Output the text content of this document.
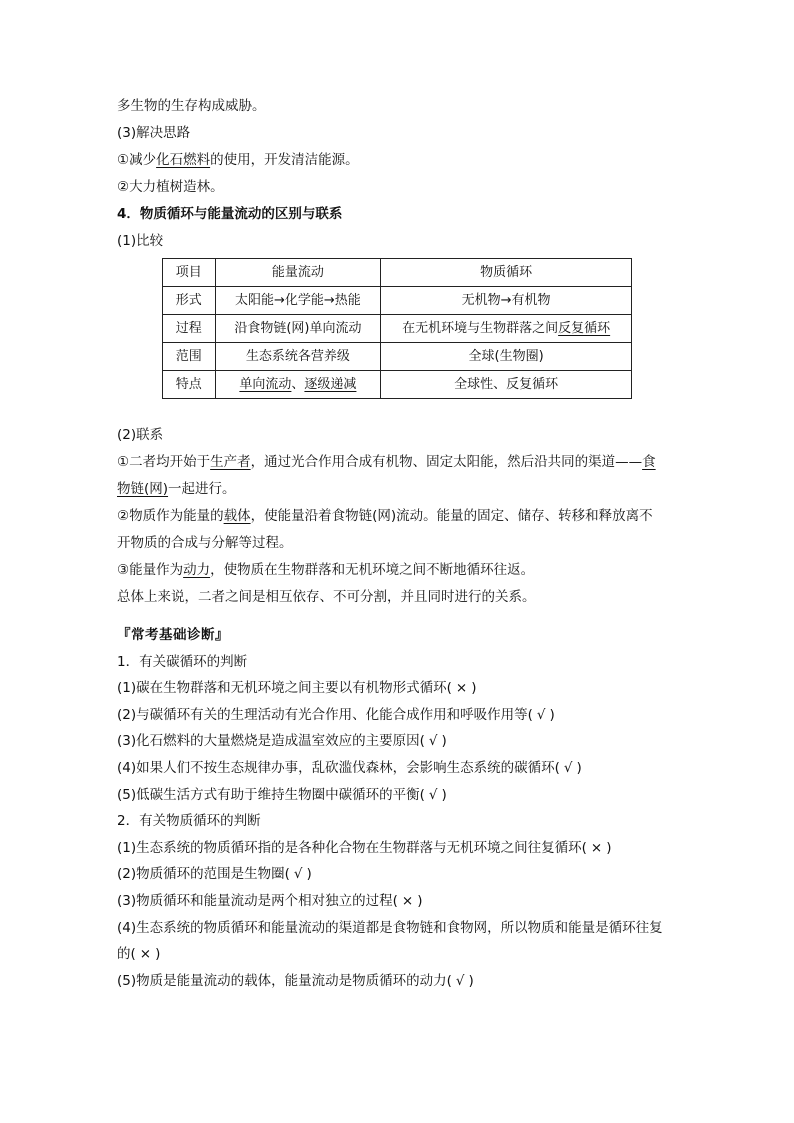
多生物的生存构成威胁。
(3)解决思路
①减少化石燃料的使用，开发清洁能源。
②大力植树造林。
4．物质循环与能量流动的区别与联系
(1)比较
项目	能量流动	物质循环
形式	太阳能→化学能→热能	无机物→有机物
过程	沿食物链(网)单向流动	在无机环境与生物群落之间反复循环
范围	生态系统各营养级	全球(生物圈)
特点	单向流动、逐级递减	全球性、反复循环
(2)联系
①二者均开始于生产者，通过光合作用合成有机物、固定太阳能，然后沿共同的渠道——食
物链(网)一起进行。
②物质作为能量的载体，使能量沿着食物链(网)流动。能量的固定、储存、转移和释放离不
开物质的合成与分解等过程。
③能量作为动力，使物质在生物群落和无机环境之间不断地循环往返。
总体上来说，二者之间是相互依存、不可分割，并且同时进行的关系。
『常考基础诊断』
1．有关碳循环的判断
(1)碳在生物群落和无机环境之间主要以有机物形式循环( × )
(2)与碳循环有关的生理活动有光合作用、化能合成作用和呼吸作用等( √ )
(3)化石燃料的大量燃烧是造成温室效应的主要原因( √ )
(4)如果人们不按生态规律办事，乱砍滥伐森林，会影响生态系统的碳循环( √ )
(5)低碳生活方式有助于维持生物圈中碳循环的平衡( √ )
2．有关物质循环的判断
(1)生态系统的物质循环指的是各种化合物在生物群落与无机环境之间往复循环( × )
(2)物质循环的范围是生物圈( √ )
(3)物质循环和能量流动是两个相对独立的过程( × )
(4)生态系统的物质循环和能量流动的渠道都是食物链和食物网，所以物质和能量是循环往复
的( × )
(5)物质是能量流动的载体，能量流动是物质循环的动力( √ )
